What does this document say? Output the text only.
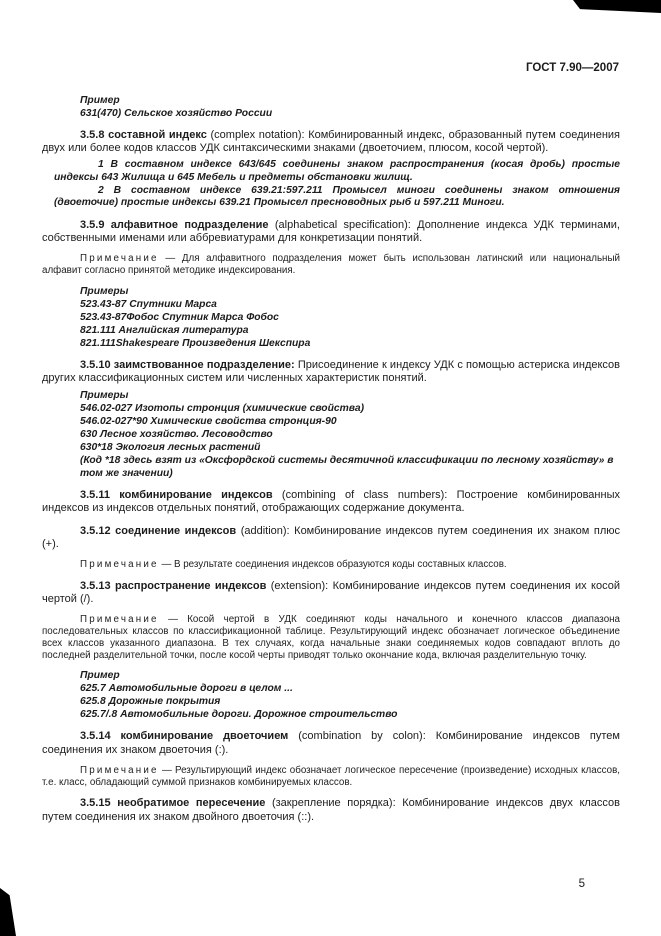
ГОСТ 7.90—2007

Пример

631(470) Сельское хозяйство России

3.5.8 составной индекс (complex notation): Комбинированный индекс, образованный путем соединения двух или более кодов классов УДК синтаксическими знаками (двоеточием, плюсом, косой чертой).

1 В составном индексе 643/645 соединены знаком распространения (косая дробь) простые индексы 643 Жилища и 645 Мебель и предметы обстановки жилищ.

2 В составном индексе 639.21:597.211 Промысел миноги соединены знаком отношения (двоеточие) простые индексы 639.21 Промысел пресноводных рыб и 597.211 Миноги.

3.5.9 алфавитное подразделение (alphabetical specification): Дополнение индекса УДК терминами, собственными именами или аббревиатурами для конкретизации понятий.

Примечание — Для алфавитного подразделения может быть использован латинский или национальный алфавит согласно принятой методике индексирования.

Примеры

523.43-87 Спутники Марса

523.43-87Фобос Спутник Марса Фобос

821.111 Английская литература

821.111Shakespeare Произведения Шекспира

3.5.10 заимствованное подразделение: Присоединение к индексу УДК с помощью астериска индексов других классификационных систем или численных характеристик понятий.

Примеры

546.02-027 Изотопы стронция (химические свойства)

546.02-027*90 Химические свойства стронция-90

630 Лесное хозяйство. Лесоводство

630*18 Экология лесных растений

(Код *18 здесь взят из «Оксфордской системы десятичной классификации по лесному хозяйству» в том же значении)

3.5.11 комбинирование индексов (combining of class numbers): Построение комбинированных индексов из индексов отдельных понятий, отображающих содержание документа.

3.5.12 соединение индексов (addition): Комбинирование индексов путем соединения их знаком плюс (+).

Примечание — В результате соединения индексов образуются коды составных классов.

3.5.13 распространение индексов (extension): Комбинирование индексов путем соединения их косой чертой (/).

Примечание — Косой чертой в УДК соединяют коды начального и конечного классов диапазона последовательных классов по классификационной таблице. Результирующий индекс обозначает логическое объединение всех классов указанного диапазона. В тех случаях, когда начальные знаки соединяемых кодов совпадают вплоть до последней разделительной точки, после косой черты приводят только окончание кода, включая разделительную точку.

Пример

625.7 Автомобильные дороги в целом ...

625.8 Дорожные покрытия

625.7/.8 Автомобильные дороги. Дорожное строительство

3.5.14 комбинирование двоеточием (combination by colon): Комбинирование индексов путем соединения их знаком двоеточия (:).

Примечание — Результирующий индекс обозначает логическое пересечение (произведение) исходных классов, т.е. класс, обладающий суммой признаков комбинируемых классов.

3.5.15 необратимое пересечение (закрепление порядка): Комбинирование индексов двух классов путем соединения их знаком двойного двоеточия (::).

5
